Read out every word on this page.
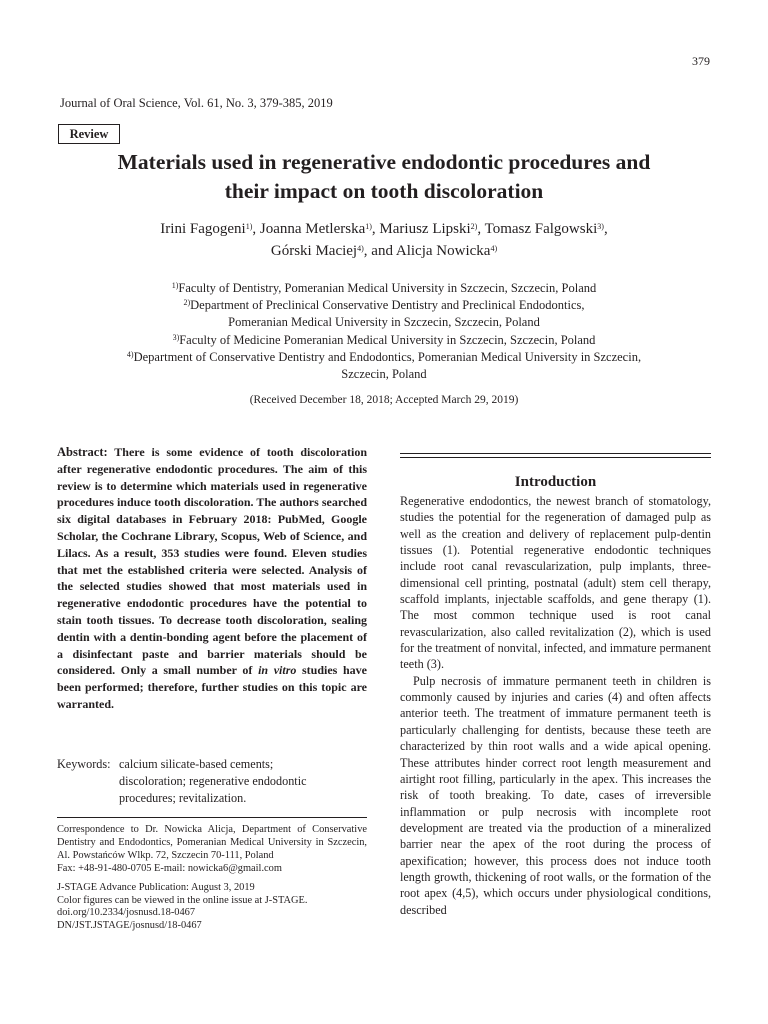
379
Journal of Oral Science, Vol. 61, No. 3, 379-385, 2019
Review
Materials used in regenerative endodontic procedures and
their impact on tooth discoloration
Irini Fagogeni$^{1)}$, Joanna Metlerska$^{1)}$, Mariusz Lipski$^{2)}$, Tomasz Falgowski$^{3)}$,
Górski Maciej$^{4)}$, and Alicja Nowicka$^{4)}$
$^{1)}$Faculty of Dentistry, Pomeranian Medical University in Szczecin, Szczecin, Poland
$^{2)}$Department of Preclinical Conservative Dentistry and Preclinical Endodontics,
Pomeranian Medical University in Szczecin, Szczecin, Poland
$^{3)}$Faculty of Medicine Pomeranian Medical University in Szczecin, Szczecin, Poland
$^{4)}$Department of Conservative Dentistry and Endodontics, Pomeranian Medical University in Szczecin,
Szczecin, Poland
(Received December 18, 2018; Accepted March 29, 2019)
Abstract: There is some evidence of tooth discoloration after regenerative endodontic procedures. The aim of this review is to determine which materials used in regenerative procedures induce tooth discoloration. The authors searched six digital databases in February 2018: PubMed, Google Scholar, the Cochrane Library, Scopus, Web of Science, and Lilacs. As a result, 353 studies were found. Eleven studies that met the established criteria were selected. Analysis of the selected studies showed that most materials used in regenerative endodontic procedures have the potential to stain tooth tissues. To decrease tooth discoloration, sealing dentin with a dentin-bonding agent before the placement of a disinfectant paste and barrier materials should be considered. Only a small number of in vitro studies have been performed; therefore, further studies on this topic are warranted.
Keywords: calcium silicate-based cements;
discoloration; regenerative endodontic
procedures; revitalization.
Correspondence to Dr. Nowicka Alicja, Department of Conservative Dentistry and Endodontics, Pomeranian Medical University in Szczecin, Al. Powstańców Wlkp. 72, Szczecin 70-111, Poland
Fax: +48-91-480-0705 E-mail: nowicka6@gmail.com
J-STAGE Advance Publication: August 3, 2019
Color figures can be viewed in the online issue at J-STAGE.
doi.org/10.2334/josnusd.18-0467
DN/JST.JSTAGE/josnusd/18-0467
Introduction

Regenerative endodontics, the newest branch of stomatology, studies the potential for the regeneration of damaged pulp as well as the creation and delivery of replacement pulp-dentin tissues (1). Potential regenerative endodontic techniques include root canal revascularization, pulp implants, three-dimensional cell printing, postnatal (adult) stem cell therapy, scaffold implants, injectable scaffolds, and gene therapy (1). The most common technique used is root canal revascularization, also called revitalization (2), which is used for the treatment of nonvital, infected, and immature permanent teeth (3).

Pulp necrosis of immature permanent teeth in children is commonly caused by injuries and caries (4) and often affects anterior teeth. The treatment of immature permanent teeth is particularly challenging for dentists, because these teeth are characterized by thin root walls and a wide apical opening. These attributes hinder correct root length measurement and airtight root filling, particularly in the apex. This increases the risk of tooth breaking. To date, cases of irreversible inflammation or pulp necrosis with incomplete root development are treated via the production of a mineralized barrier near the apex of the root during the process of apexification; however, this process does not induce tooth length growth, thickening of root walls, or the formation of the root apex (4,5), which occurs under physiological conditions, described
